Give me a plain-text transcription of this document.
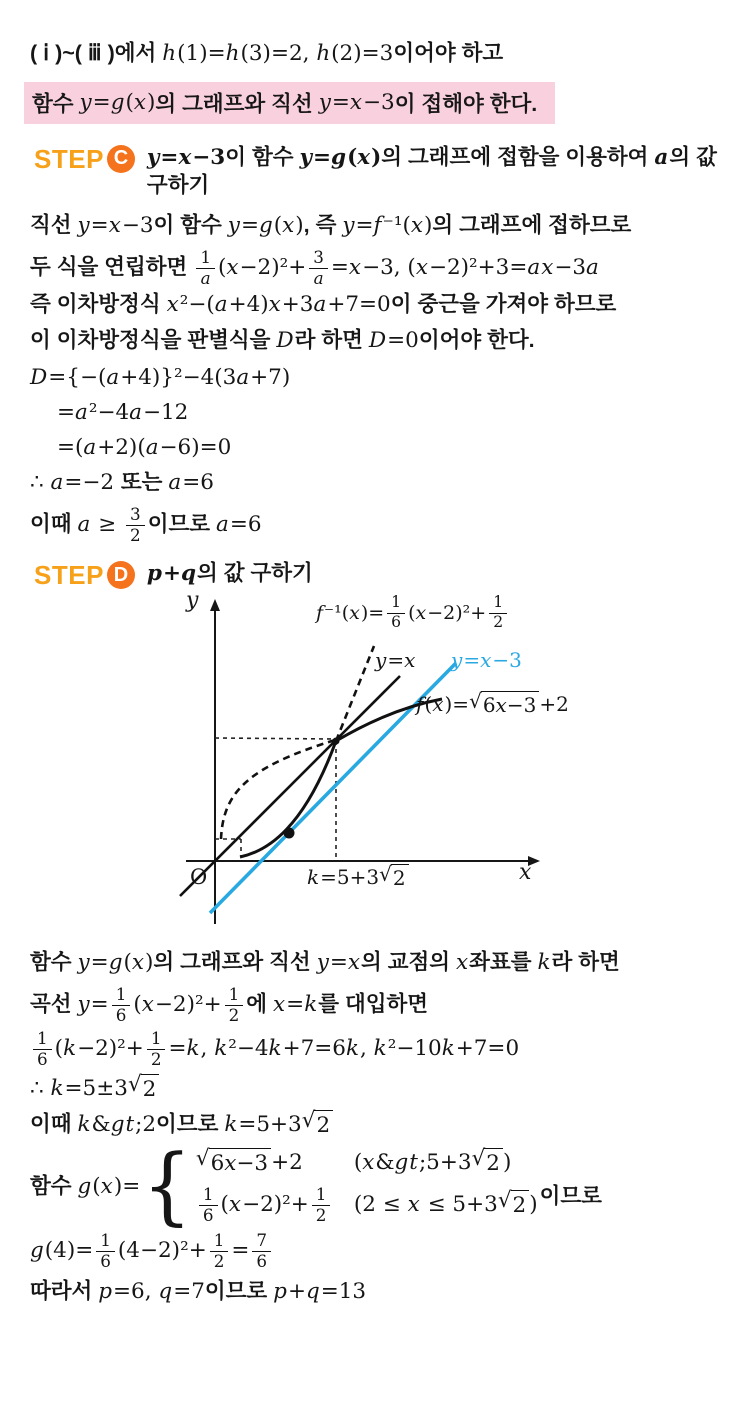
( ⅰ )~( ⅲ )에서 h(1)=h(3)=2, h(2)=3 이어야 하고
함수 y=g(x) 의 그래프와 직선 y=x−3 이 접해야 한다.
STEP C y=x−3 이 함수 y=g(x) 의 그래프에 접함을 이용하여 a 의 값
구하기
직선 y=x−3 이 함수 y=g(x) , 즉 y=f⁻¹(x) 의 그래프에 접하므로
두 식을 연립하면 $\frac{1}{a} (x-2)^2+ \frac{3}{a} =x-3$, (x−2)²+3=ax−3a
즉 이차방정식 x²−(a+4)x+3a+7=0 이 중근을 가져야 하므로
이 이차방정식을 판별식을 D 라 하면 D=0 이어야 한다.
D={−(a+4)}²−4(3a+7)
=a²−4a−12
=(a+2)(a−6)=0
∴ a=−2 또는 a=6
이때 $a \ge \frac{3}{2}$ 이므로 a=6
STEP D p+q 의 값 구하기
y
x
O
$f^{-1}(x)= \frac{1}{6} (x-2)^2+ \frac{1}{2}$
y=x y=x−3
f(x)= √ 6x−3 +2
k=5+3 √ 2
함수 y=g(x) 의 그래프와 직선 y=x 의 교점의 x 좌표를 k 라 하면
곡선 $y= \frac{1}{6} (x-2)^2+ \frac{1}{2}$ 에 x=k 를 대입하면
$\frac{1}{6} (k-2)^2+ \frac{1}{2} =k$, k²−4k+7=6k, k²−10k+7=0
∴ k=5±3 √ 2
이때 k&gt;2 이므로 k=5+3 √ 2
함수 g(x)= { √ 6x−3 +2 (x&gt;5+3 √ 2 )
$\frac{1}{6} (x-2)^2+ \frac{1}{2} (2 \le x \le 5+3$ √ 2 ) 이므로
$g(4)= \frac{1}{6} (4-2)^2+ \frac{1}{2} = \frac{7}{6}$
따라서 p=6, q=7 이므로 p+q=13
